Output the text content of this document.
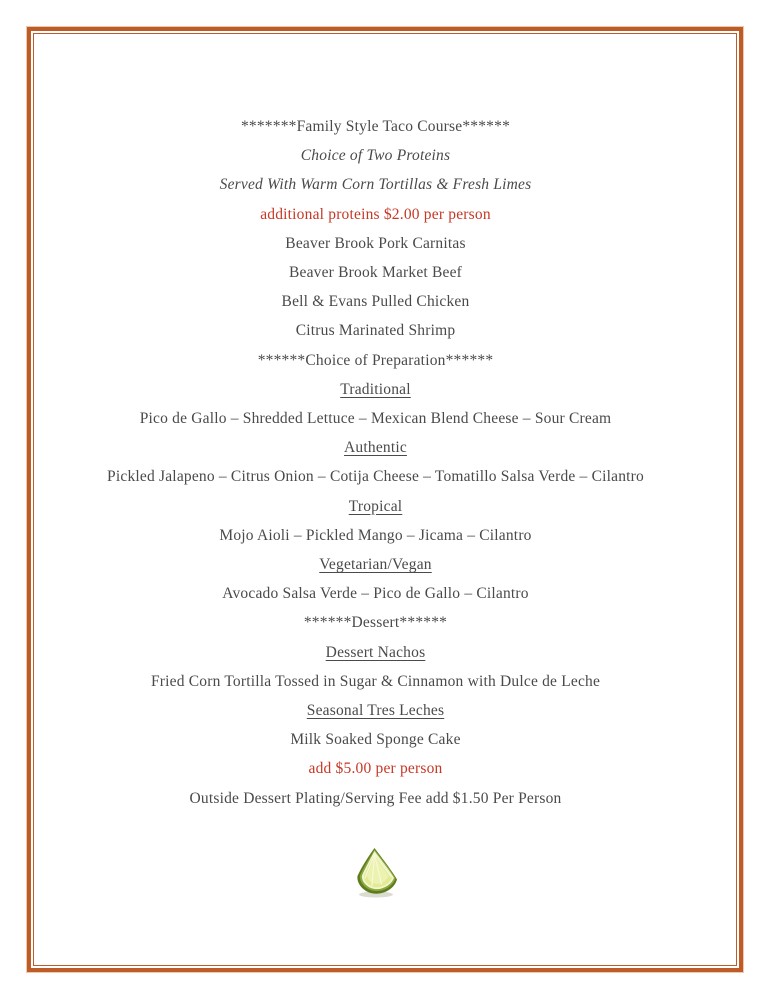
*******Family Style Taco Course******
Choice of Two Proteins
Served With Warm Corn Tortillas & Fresh Limes
additional proteins $2.00 per person
Beaver Brook Pork Carnitas
Beaver Brook Market Beef
Bell & Evans Pulled Chicken
Citrus Marinated Shrimp
******Choice of Preparation******
Traditional
Pico de Gallo – Shredded Lettuce – Mexican Blend Cheese – Sour Cream
Authentic
Pickled Jalapeno – Citrus Onion – Cotija Cheese – Tomatillo Salsa Verde – Cilantro
Tropical
Mojo Aioli – Pickled Mango – Jicama – Cilantro
Vegetarian/Vegan
Avocado Salsa Verde – Pico de Gallo – Cilantro
******Dessert******
Dessert Nachos
Fried Corn Tortilla Tossed in Sugar & Cinnamon with Dulce de Leche
Seasonal Tres Leches
Milk Soaked Sponge Cake
add $5.00 per person
Outside Dessert Plating/Serving Fee add $1.50 Per Person
